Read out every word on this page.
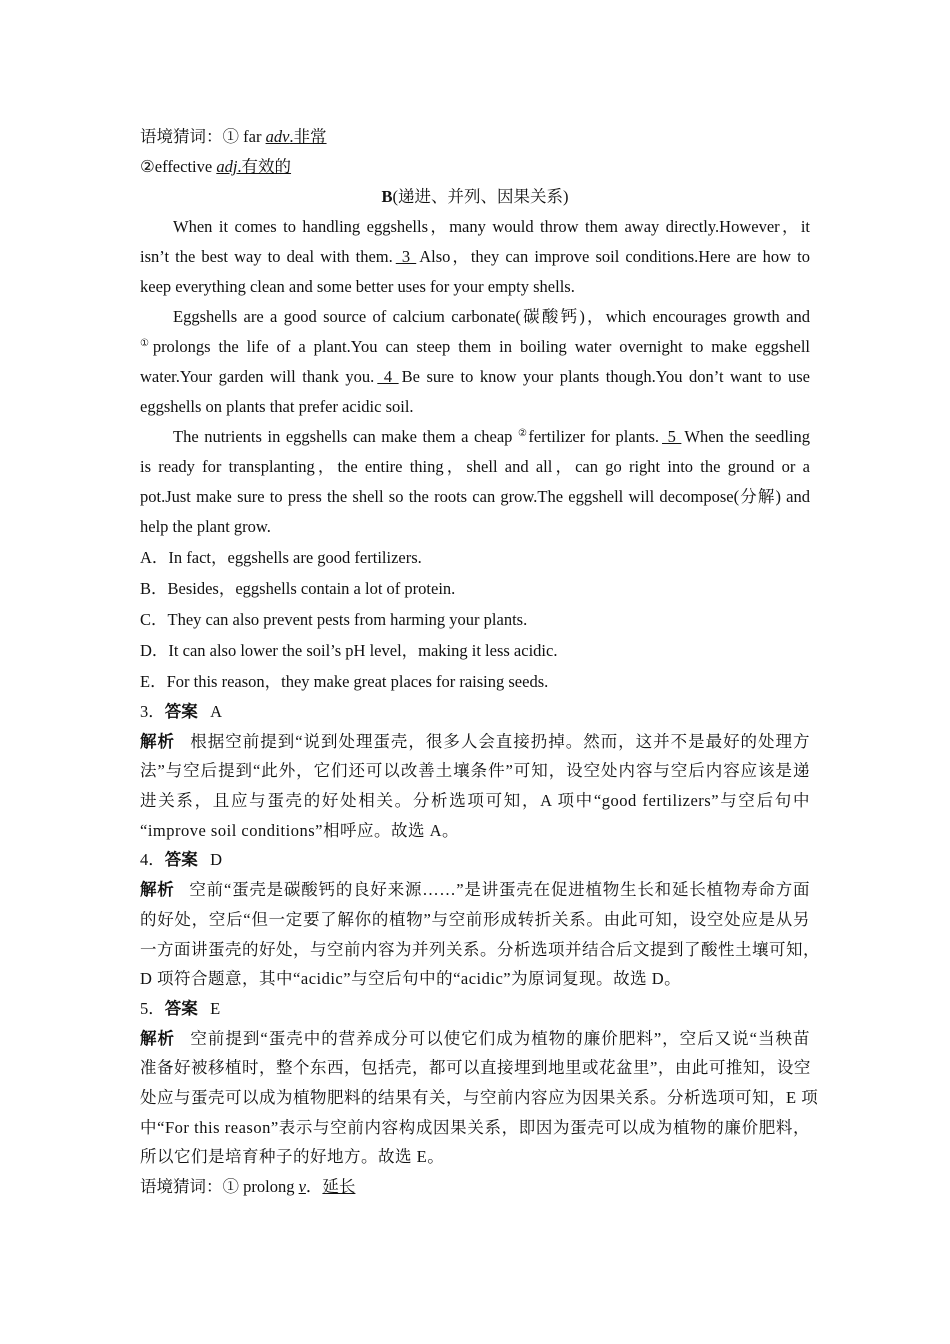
语境猜词：① far adv.非常
②effective adj.有效的
B(递进、并列、因果关系)
When it comes to handling eggshells，many would throw them away directly.However，it
isn’t the best way to deal with them. 3 Also，they can improve soil conditions.Here are how to
keep everything clean and some better uses for your empty shells.
Eggshells are a good source of calcium carbonate(碳酸钙)，which encourages growth and
①prolongs the life of a plant.You can steep them in boiling water overnight to make eggshell
water.Your garden will thank you. 4 Be sure to know your plants though.You don’t want to use
eggshells on plants that prefer acidic soil.
The nutrients in eggshells can make them a cheap ②fertilizer for plants. 5 When the seedling
is ready for transplanting，the entire thing，shell and all，can go right into the ground or a
pot.Just make sure to press the shell so the roots can grow.The eggshell will decompose(分解) and
help the plant grow.
A．In fact，eggshells are good fertilizers.
B．Besides，eggshells contain a lot of protein.
C．They can also prevent pests from harming your plants.
D．It can also lower the soil’s pH level，making it less acidic.
E．For this reason，they make great places for raising seeds.
3．答案 A
解析 根据空前提到“说到处理蛋壳，很多人会直接扔掉。然而，这并不是最好的处理方
法”与空后提到“此外，它们还可以改善土壤条件”可知，设空处内容与空后内容应该是递
进关系，且应与蛋壳的好处相关。分析选项可知，A 项中“good fertilizers”与空后句中
“improve soil conditions”相呼应。故选 A。
4．答案 D
解析 空前“蛋壳是碳酸钙的良好来源……”是讲蛋壳在促进植物生长和延长植物寿命方面
的好处，空后“但一定要了解你的植物”与空前形成转折关系。由此可知，设空处应是从另
一方面讲蛋壳的好处，与空前内容为并列关系。分析选项并结合后文提到了酸性土壤可知，
D 项符合题意，其中“acidic”与空后句中的“acidic”为原词复现。故选 D。
5．答案 E
解析 空前提到“蛋壳中的营养成分可以使它们成为植物的廉价肥料”，空后又说“当秧苗
准备好被移植时，整个东西，包括壳，都可以直接埋到地里或花盆里”，由此可推知，设空
处应与蛋壳可以成为植物肥料的结果有关，与空前内容应为因果关系。分析选项可知，E 项
中“For this reason”表示与空前内容构成因果关系，即因为蛋壳可以成为植物的廉价肥料，
所以它们是培育种子的好地方。故选 E。
语境猜词：① prolong v．延长
